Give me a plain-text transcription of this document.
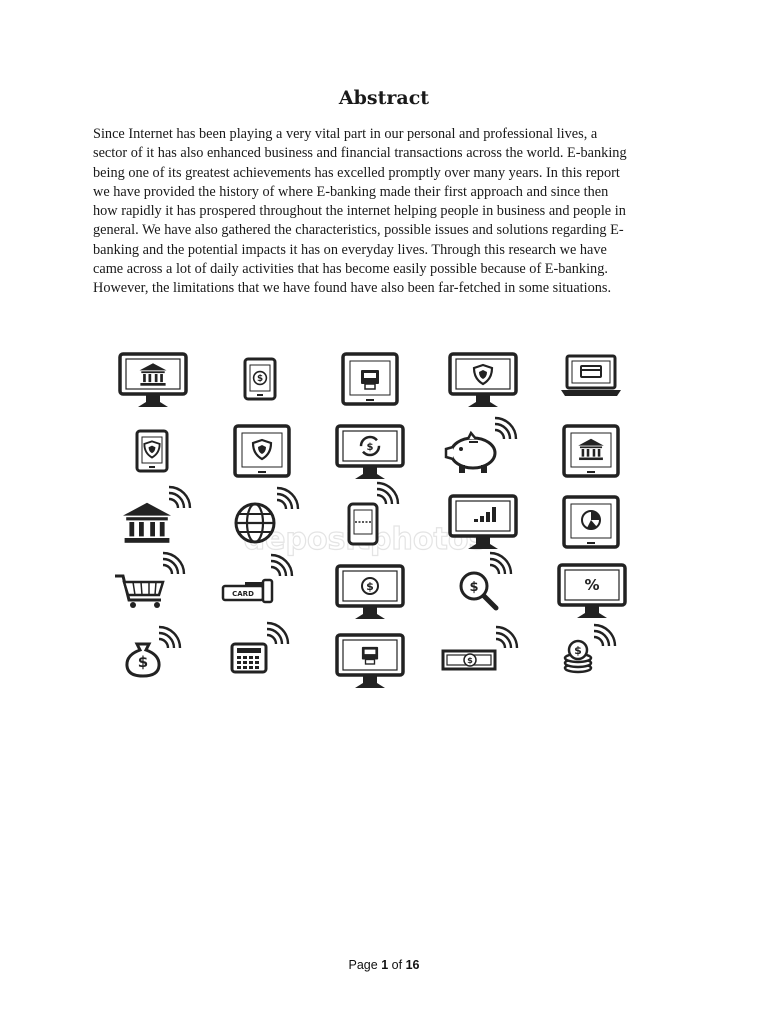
Abstract

Since Internet has been playing a very vital part in our personal and professional lives, a
sector of it has also enhanced business and financial transactions across the world. E-banking
being one of its greatest achievements has excelled promptly over many years. In this report
we have provided the history of where E-banking made their first approach and since then
how rapidly it has prospered throughout the internet helping people in business and people in
general. We have also gathered the characteristics, possible issues and solutions regarding E-
banking and the potential impacts it has on everyday lives. Through this research we have
came across a lot of daily activities that has become easily possible because of E-banking.
However, the limitations that we have found have also been far-fetched in some situations.

$
$
CARD	$	%
$
$
Page 1 of 16
